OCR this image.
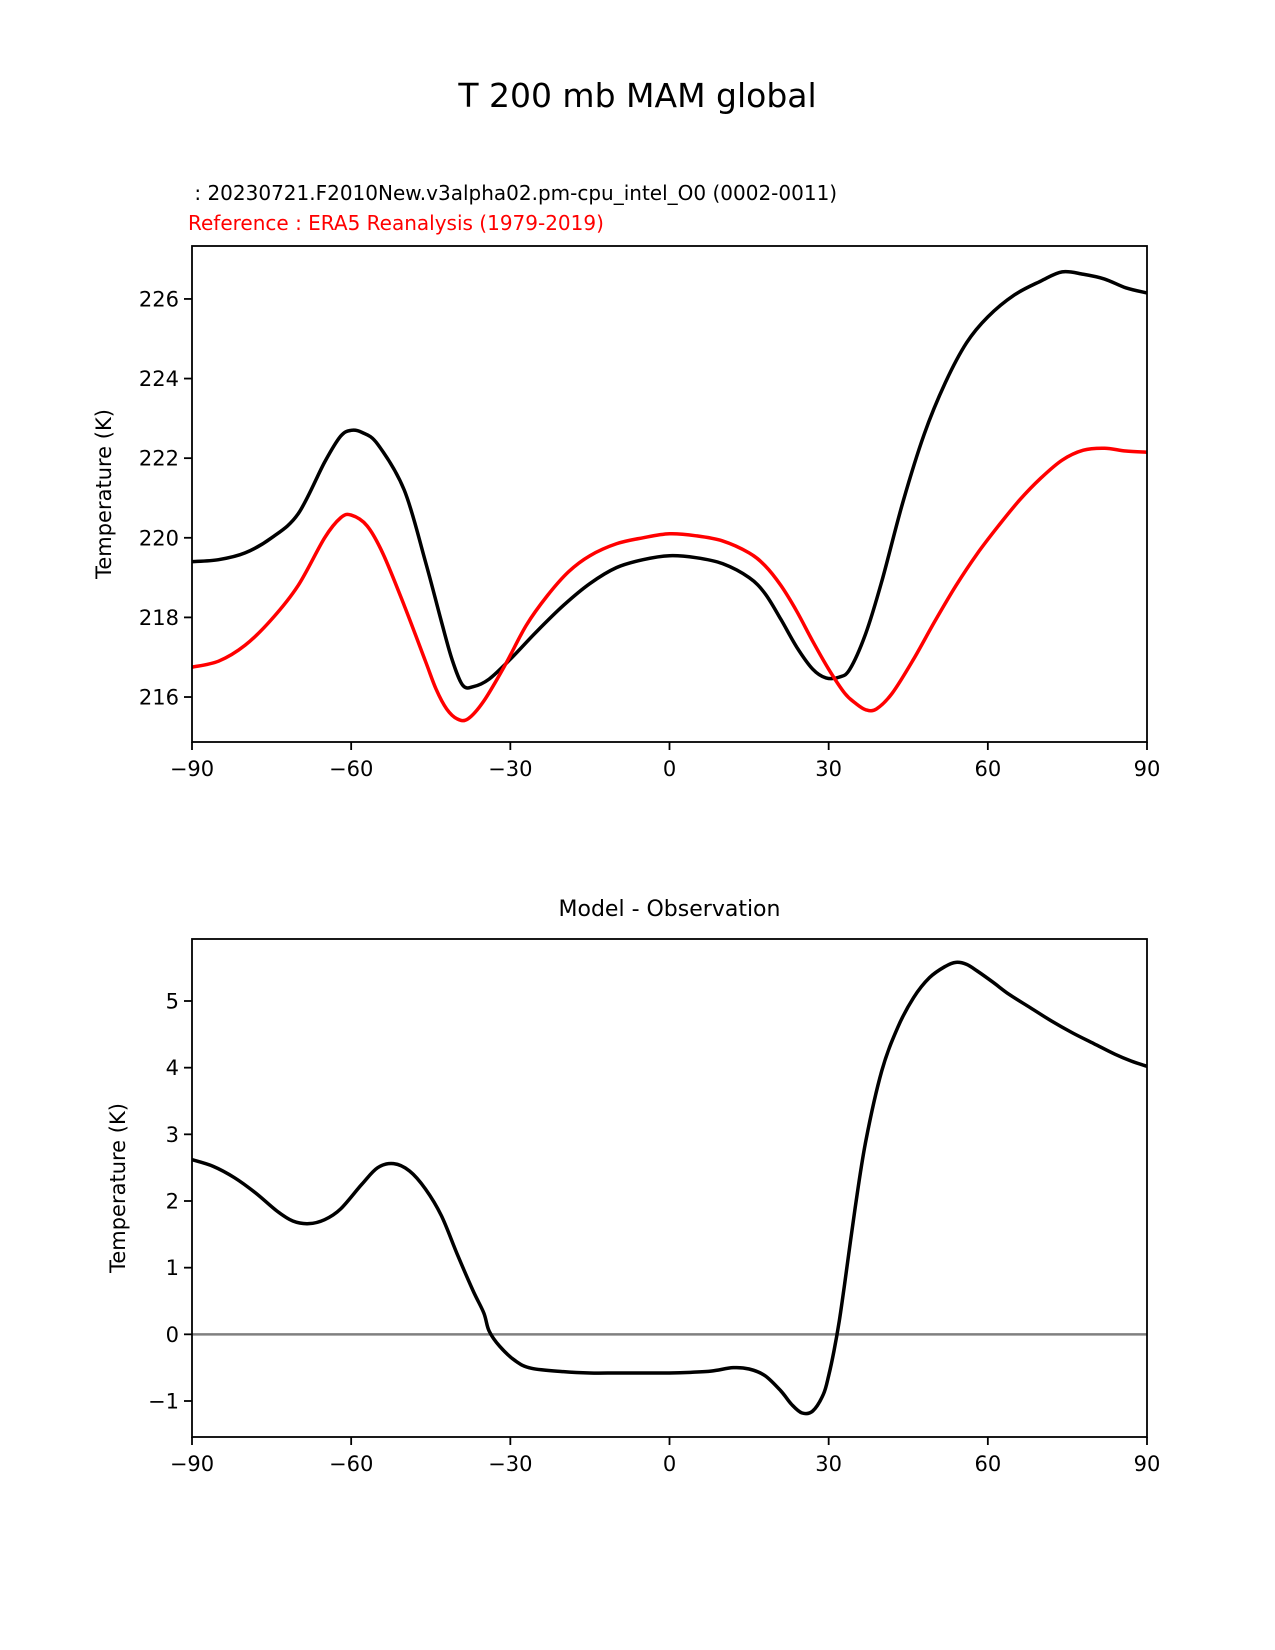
T 200 mb MAM global
: 20230721.F2010New.v3alpha02.pm-cpu_intel_O0 (0002-0011)
Reference : ERA5 Reanalysis (1979-2019)
Temperature (K)
Temperature (K)
Model - Observation
−90	−60	−30	0	30	60	90
216
218
220
222
224
226
−90	−60	−30	0	30	60	90
−1
0
1
2
3
4
5
